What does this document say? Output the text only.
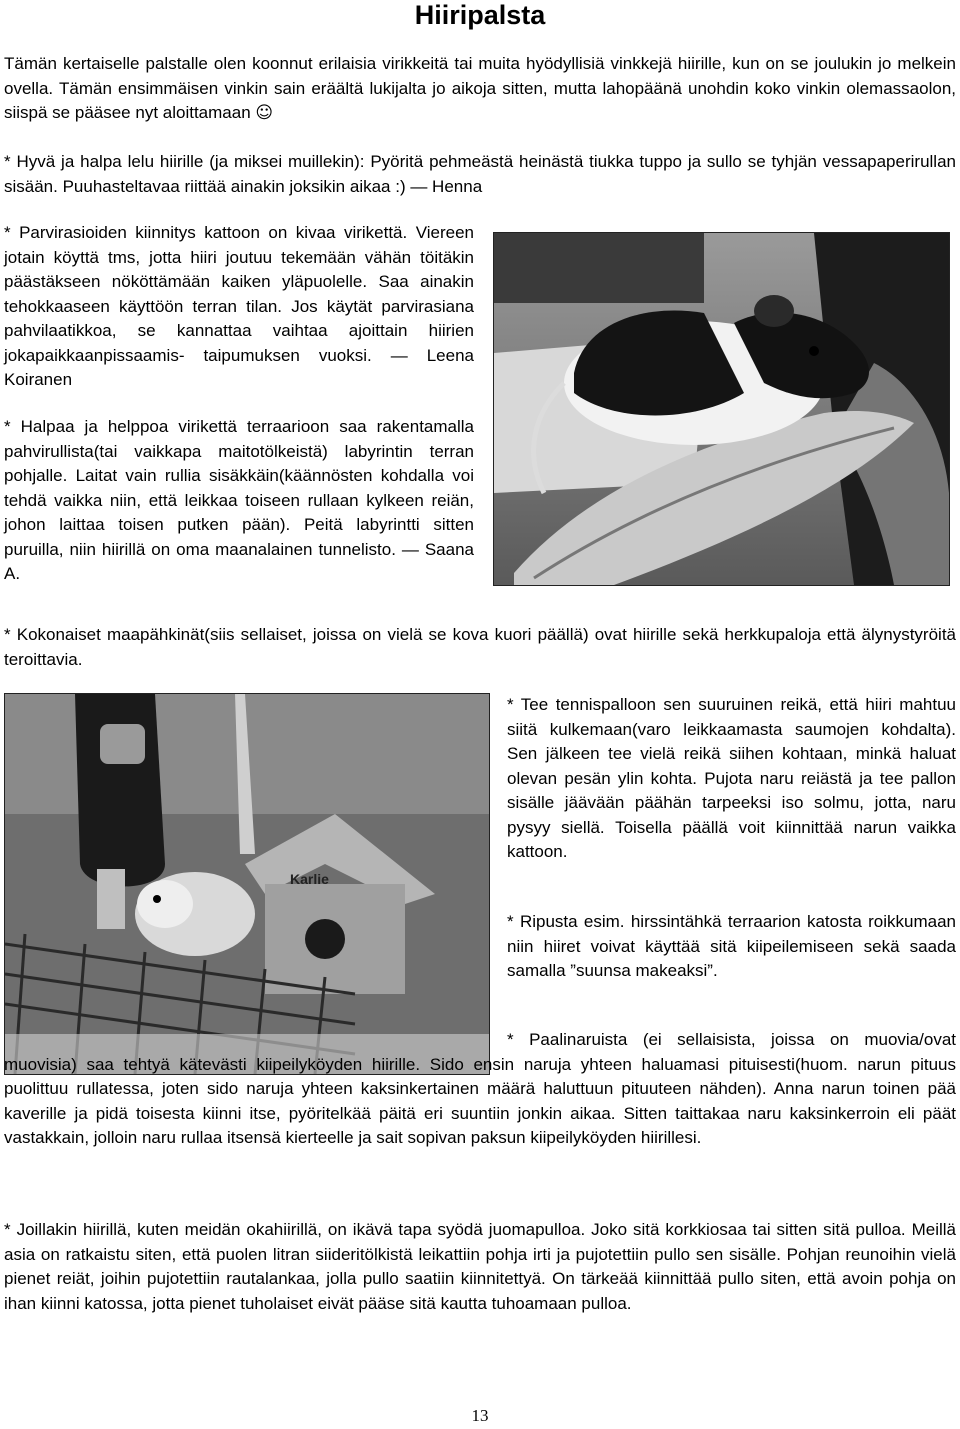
Hiiripalsta

Tämän kertaiselle palstalle olen koonnut erilaisia virikkeitä tai muita hyödyllisiä vinkkejä hiirille, kun on se joulukin jo melkein ovella. Tämän ensimmäisen vinkin sain eräältä lukijalta jo aikoja sitten, mutta lahopäänä unohdin koko vinkin olemassaolon, siispä se pääsee nyt aloittamaan ☺

* Hyvä ja halpa lelu hiirille (ja miksei muillekin): Pyöritä pehmeästä heinästä tiukka tuppo ja sullo se tyhjän vessapaperirullan sisään. Puuhasteltavaa riittää ainakin joksikin aikaa :) — Henna

* Parvirasioiden kiinnitys kattoon on kivaa virikettä. Viereen jotain köyttä tms, jotta hiiri joutuu tekemään vähän töitäkin päästäkseen nököttämään kaiken yläpuolelle. Saa ainakin tehokkaaseen käyttöön terran tilan. Jos käytät parvirasiana pahvilaatikkoa, se kannattaa vaihtaa ajoittain hiirien jokapaikkaanpissaamis- taipumuksen vuoksi. — Leena Koiranen

* Halpaa ja helppoa virikettä terraarioon saa rakentamalla pahvirullista(tai vaikkapa maitotölkeistä) labyrintin terran pohjalle. Laitat vain rullia sisäkkäin(käännösten kohdalla voi tehdä vaikka niin, että leikkaa toiseen rullaan kylkeen reiän, johon laittaa toisen putken pään). Peitä labyrintti sitten puruilla, niin hiirillä on oma maanalainen tunnelisto. — Saana A.

* Kokonaiset maapähkinät(siis sellaiset, joissa on vielä se kova kuori päällä) ovat hiirille sekä herkkupaloja että älynystyröitä teroittavia.

Karlie

* Tee tennispalloon sen suuruinen reikä, että hiiri mahtuu siitä kulkemaan(varo leikkaamasta saumojen kohdalta). Sen jälkeen tee vielä reikä siihen kohtaan, minkä haluat olevan pesän ylin kohta. Pujota naru reiästä ja tee pallon sisälle jäävään päähän tarpeeksi iso solmu, jotta, naru pysyy siellä. Toisella päällä voit kiinnittää narun vaikka kattoon.

* Ripusta esim. hirssintähkä terraarion katosta roikkumaan niin hiiret voivat käyttää sitä kiipeilemiseen sekä saada samalla ”suunsa makeaksi”.

* Paalinaruista (ei sellaisista, joissa on muovia/ovat muovisia) saa tehtyä kätevästi kiipeilyköyden hiirille. Sido ensin naruja yhteen haluamasi pituisesti(huom. narun pituus puolittuu rullatessa, joten sido naruja yhteen kaksinkertainen määrä haluttuun pituuteen nähden). Anna narun toinen pää kaverille ja pidä toisesta kiinni itse, pyöritelkää päitä eri suuntiin jonkin aikaa. Sitten taittakaa naru kaksinkerroin eli päät vastakkain, jolloin naru rullaa itsensä kierteelle ja sait sopivan paksun kiipeilyköyden hiirillesi.

* Joillakin hiirillä, kuten meidän okahiirillä, on ikävä tapa syödä juomapulloa. Joko sitä korkkiosaa tai sitten sitä pulloa. Meillä asia on ratkaistu siten, että puolen litran siideritölkistä leikattiin pohja irti ja pujotettiin pullo sen sisälle. Pohjan reunoihin vielä pienet reiät, joihin pujotettiin rautalankaa, jolla pullo saatiin kiinnitettyä. On tärkeää kiinnittää pullo siten, että avoin pohja on ihan kiinni katossa, jotta pienet tuholaiset eivät pääse sitä kautta tuhoamaan pulloa.

13
